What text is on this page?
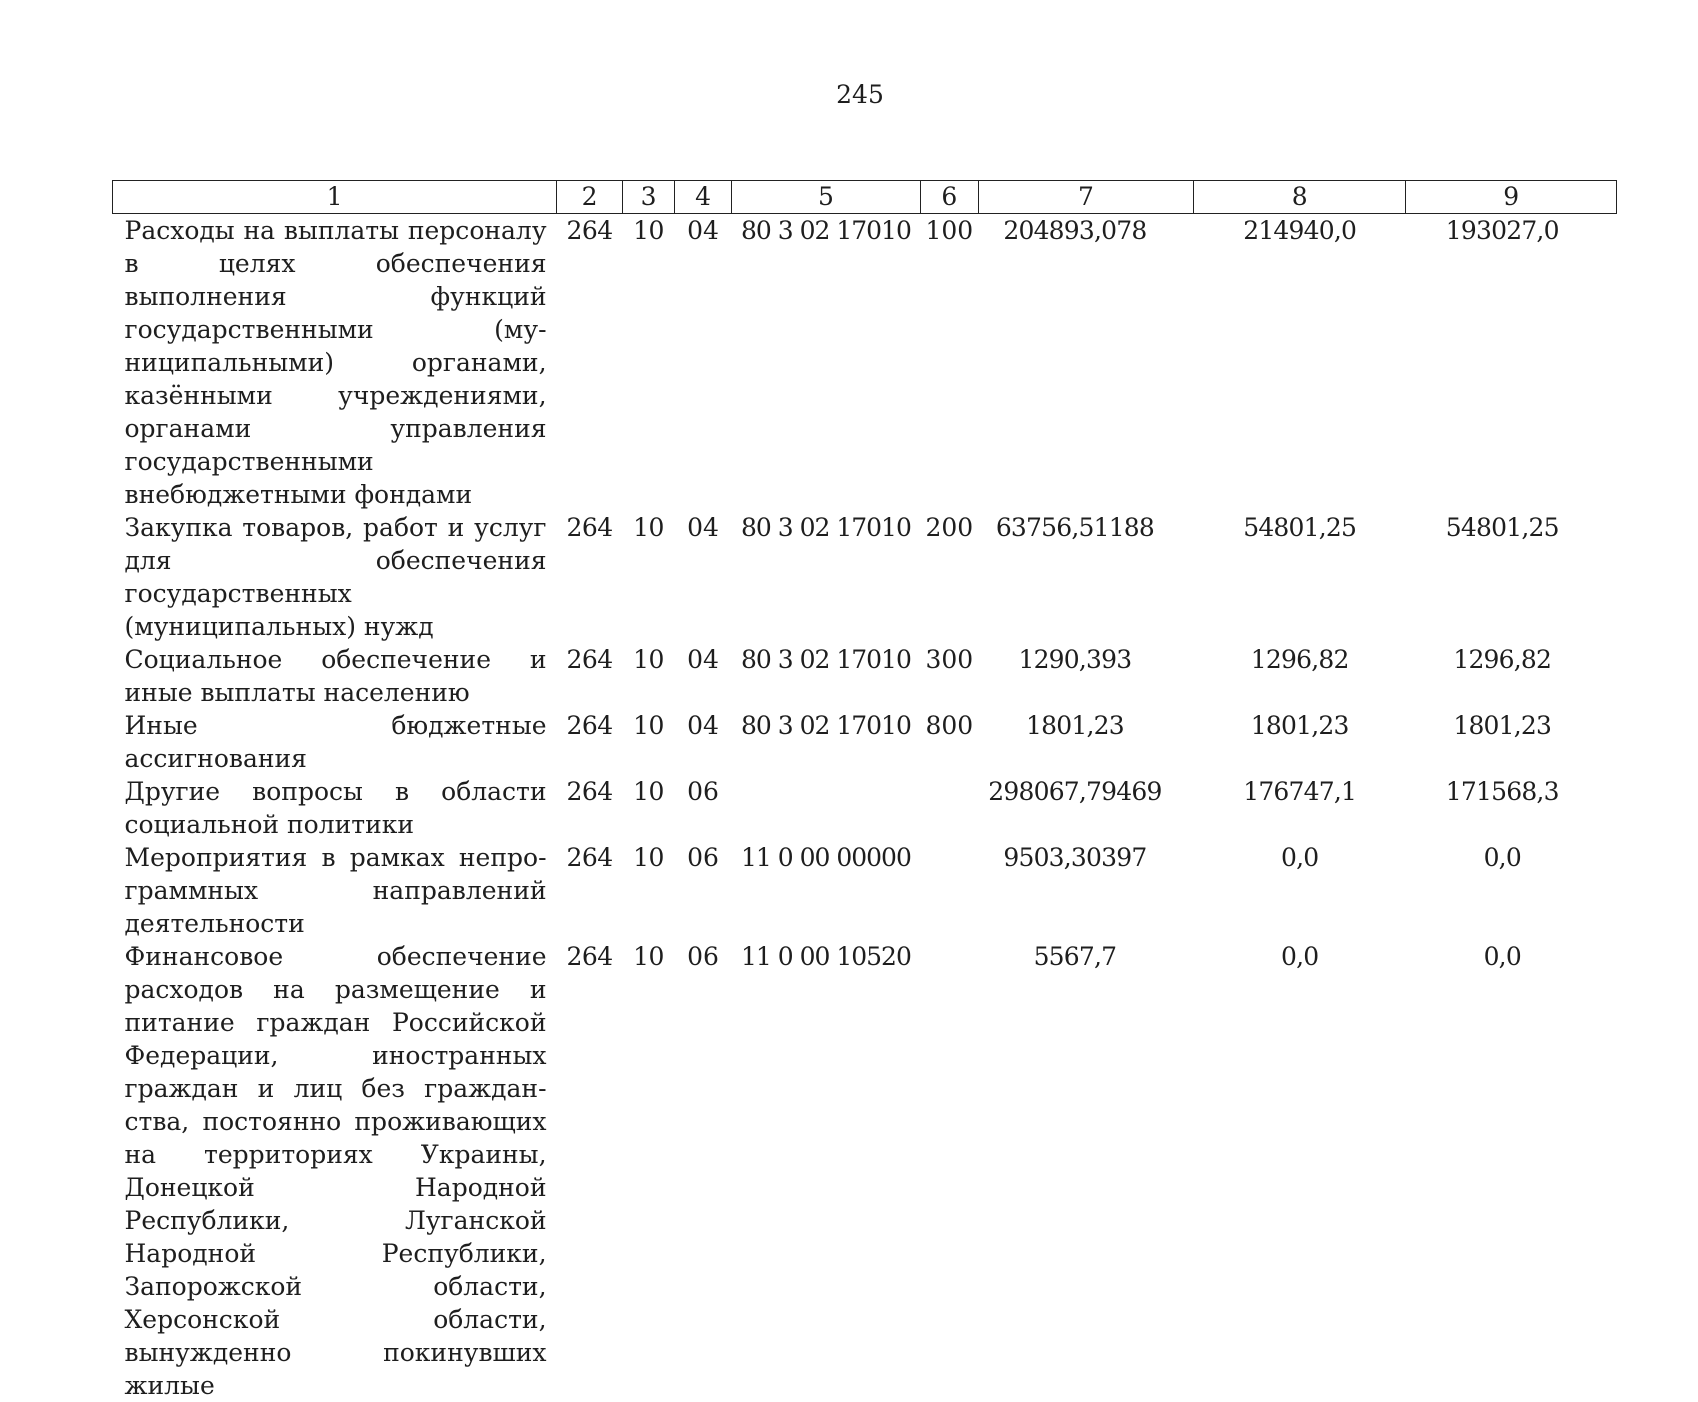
245
1	2	3	4	5	6	7	8	9
Расходы на выплаты персоналу в целях обеспечения выполнения функций государственными (муниципальными) органами, казёнными учреждениями, органами управления государственными внебюджетными фондами	264	10	04	80 3 02 17010	100	204893,078	214940,0	193027,0
Закупка товаров, работ и услуг для обеспечения государственных (муниципальных) нужд	264	10	04	80 3 02 17010	200	63756,51188	54801,25	54801,25
Социальное обеспечение и иные выплаты населению	264	10	04	80 3 02 17010	300	1290,393	1296,82	1296,82
Иные бюджетные ассигнования	264	10	04	80 3 02 17010	800	1801,23	1801,23	1801,23
Другие вопросы в области социальной политики	264	10	06			298067,79469	176747,1	171568,3
Мероприятия в рамках непрограммных направлений деятельности	264	10	06	11 0 00 00000		9503,30397	0,0	0,0
Финансовое обеспечение расходов на размещение и питание граждан Российской Федерации, иностранных граждан и лиц без гражданства, постоянно проживающих на территориях Украины, Донецкой Народной Республики, Луганской Народной Республики, Запорожской области, Херсонской области, вынужденно покинувших жилые	264	10	06	11 0 00 10520		5567,7	0,0	0,0
